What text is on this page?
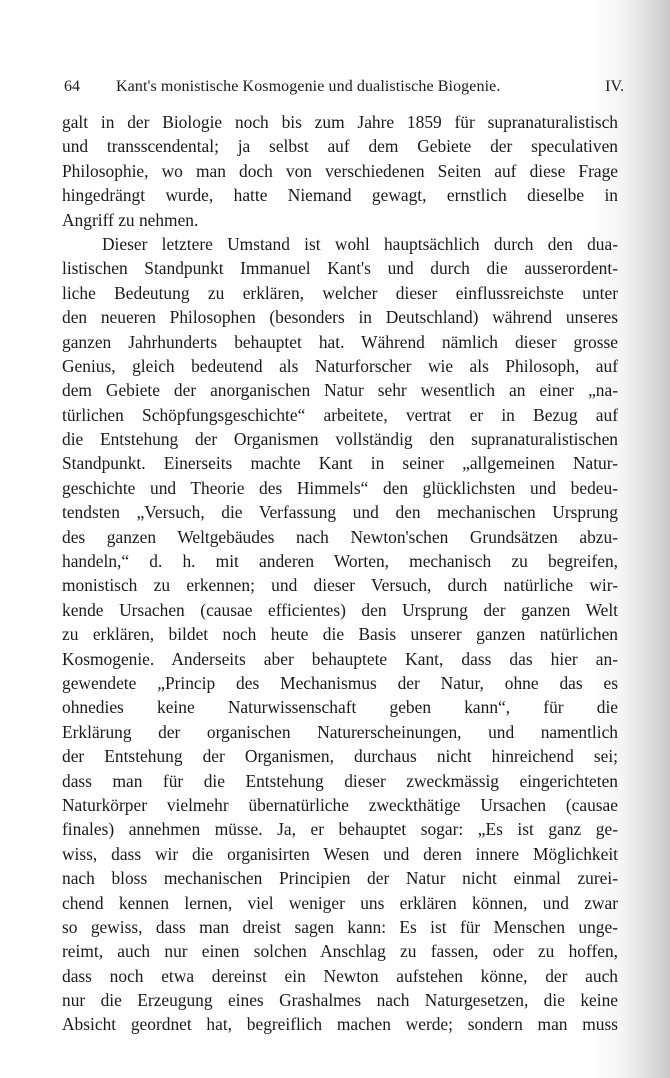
64 Kant's monistische Kosmogenie und dualistische Biogenie.	IV.
galt in der Biologie noch bis zum Jahre 1859 für supranaturalistisch
und transscendental; ja selbst auf dem Gebiete der speculativen
Philosophie, wo man doch von verschiedenen Seiten auf diese Frage
hingedrängt wurde, hatte Niemand gewagt, ernstlich dieselbe in
Angriff zu nehmen.
Dieser letztere Umstand ist wohl hauptsächlich durch den dua-
listischen Standpunkt Immanuel Kant's und durch die ausserordent-
liche Bedeutung zu erklären, welcher dieser einflussreichste unter
den neueren Philosophen (besonders in Deutschland) während unseres
ganzen Jahrhunderts behauptet hat. Während nämlich dieser grosse
Genius, gleich bedeutend als Naturforscher wie als Philosoph, auf
dem Gebiete der anorganischen Natur sehr wesentlich an einer „na-
türlichen Schöpfungsgeschichte“ arbeitete, vertrat er in Bezug auf
die Entstehung der Organismen vollständig den supranaturalistischen
Standpunkt. Einerseits machte Kant in seiner „allgemeinen Natur-
geschichte und Theorie des Himmels“ den glücklichsten und bedeu-
tendsten „Versuch, die Verfassung und den mechanischen Ursprung
des ganzen Weltgebäudes nach Newton'schen Grundsätzen abzu-
handeln,“ d. h. mit anderen Worten, mechanisch zu begreifen,
monistisch zu erkennen; und dieser Versuch, durch natürliche wir-
kende Ursachen (causae efficientes) den Ursprung der ganzen Welt
zu erklären, bildet noch heute die Basis unserer ganzen natürlichen
Kosmogenie. Anderseits aber behauptete Kant, dass das hier an-
gewendete „Princip des Mechanismus der Natur, ohne das es
ohnedies keine Naturwissenschaft geben kann“, für die
Erklärung der organischen Naturerscheinungen, und namentlich
der Entstehung der Organismen, durchaus nicht hinreichend sei;
dass man für die Entstehung dieser zweckmässig eingerichteten
Naturkörper vielmehr übernatürliche zweckthätige Ursachen (causae
finales) annehmen müsse. Ja, er behauptet sogar: „Es ist ganz ge-
wiss, dass wir die organisirten Wesen und deren innere Möglichkeit
nach bloss mechanischen Principien der Natur nicht einmal zurei-
chend kennen lernen, viel weniger uns erklären können, und zwar
so gewiss, dass man dreist sagen kann: Es ist für Menschen unge-
reimt, auch nur einen solchen Anschlag zu fassen, oder zu hoffen,
dass noch etwa dereinst ein Newton aufstehen könne, der auch
nur die Erzeugung eines Grashalmes nach Naturgesetzen, die keine
Absicht geordnet hat, begreiflich machen werde; sondern man muss
